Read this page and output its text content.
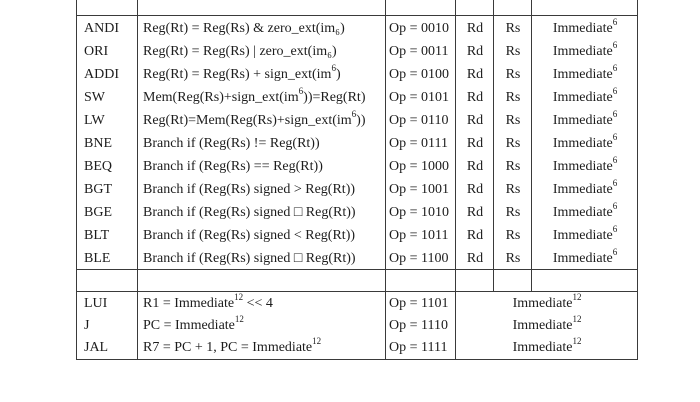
ANDI	Reg(Rt) = Reg(Rs) & zero_ext(im₆)	Op = 0010	Rd	Rs	Immediate$^6$
ORI	Reg(Rt) = Reg(Rs) | zero_ext(im₆)	Op = 0011	Rd	Rs	Immediate$^6$
ADDI	$Reg(Rt) = Reg(Rs) + sign\_ext(im^6)$	Op = 0100	Rd	Rs	Immediate$^6$
SW	$Mem(Reg(Rs)+sign\_ext(im^6))=Reg(Rt)$	Op = 0101	Rd	Rs	Immediate$^6$
LW	$Reg(Rt)=Mem(Reg(Rs)+sign\_ext(im^6))$	Op = 0110	Rd	Rs	Immediate$^6$
BNE	Branch if (Reg(Rs) != Reg(Rt))	Op = 0111	Rd	Rs	Immediate$^6$
BEQ	Branch if (Reg(Rs) == Reg(Rt))	Op = 1000	Rd	Rs	Immediate$^6$
BGT	Branch if (Reg(Rs) signed > Reg(Rt))	Op = 1001	Rd	Rs	Immediate$^6$
BGE	Branch if (Reg(Rs) signed □ Reg(Rt))	Op = 1010	Rd	Rs	Immediate$^6$
BLT	Branch if (Reg(Rs) signed < Reg(Rt))	Op = 1011	Rd	Rs	Immediate$^6$
BLE	Branch if (Reg(Rs) signed □ Reg(Rt))	Op = 1100	Rd	Rs	Immediate$^6$
LUI	R1 = Immediate$^{12}$ << 4	Op = 1101	Immediate$^{12}$
J	PC = Immediate$^{12}$	Op = 1110	Immediate$^{12}$
JAL	R7 = PC + 1, PC = Immediate$^{12}$	Op = 1111	Immediate$^{12}$
